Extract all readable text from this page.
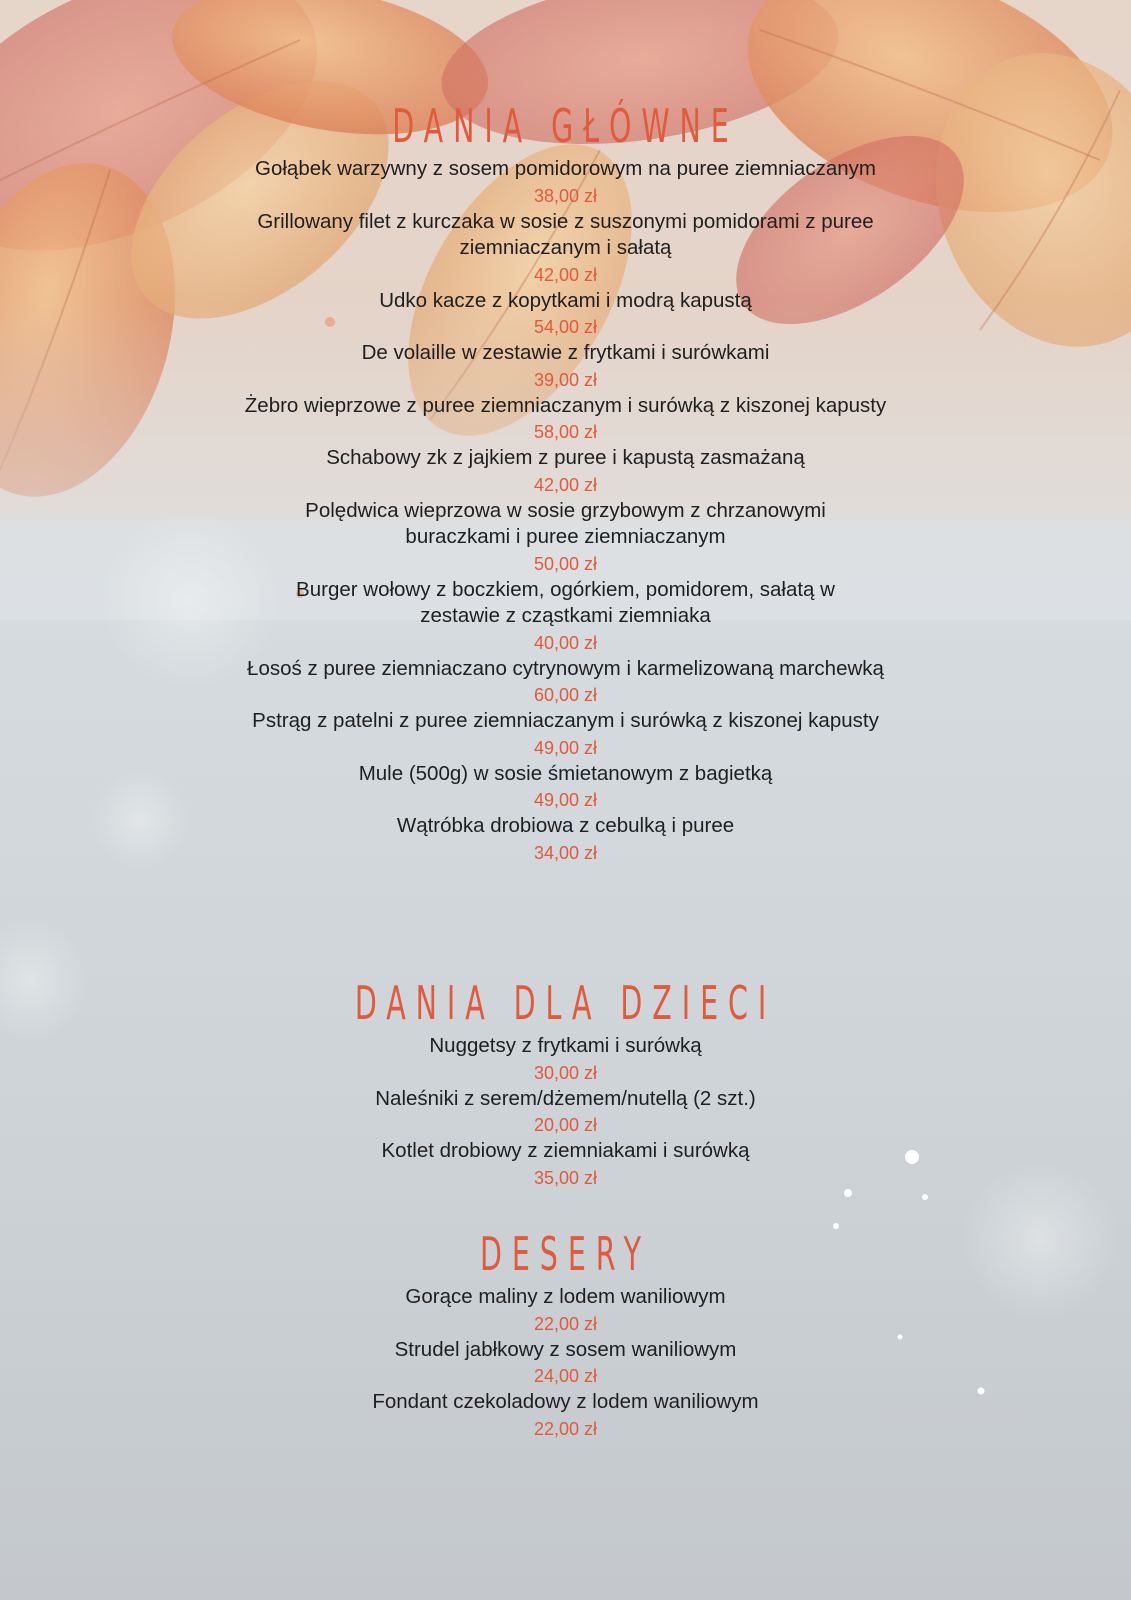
DANIA GŁÓWNE
Gołąbek warzywny z sosem pomidorowym na puree ziemniaczanym
38,00 zł
Grillowany filet z kurczaka w sosie z suszonymi pomidorami z puree ziemniaczanym i sałatą
42,00 zł
Udko kacze z kopytkami i modrą kapustą
54,00 zł
De volaille w zestawie z frytkami i surówkami
39,00 zł
Żebro wieprzowe z puree ziemniaczanym i surówką z kiszonej kapusty
58,00 zł
Schabowy zk z jajkiem z puree i kapustą zasmażaną
42,00 zł
Polędwica wieprzowa w sosie grzybowym z chrzanowymi buraczkami i puree ziemniaczanym
50,00 zł
Burger wołowy z boczkiem, ogórkiem, pomidorem, sałatą w zestawie z cząstkami ziemniaka
40,00 zł
Łosoś z puree ziemniaczano cytrynowym i karmelizowaną marchewką
60,00 zł
Pstrąg z patelni z puree ziemniaczanym i surówką z kiszonej kapusty
49,00 zł
Mule (500g) w sosie śmietanowym z bagietką
49,00 zł
Wątróbka drobiowa z cebulką i puree
34,00 zł
DANIA DLA DZIECI
Nuggetsy z frytkami i surówką
30,00 zł
Naleśniki z serem/dżemem/nutellą (2 szt.)
20,00 zł
Kotlet drobiowy z ziemniakami i surówką
35,00 zł
DESERY
Gorące maliny z lodem waniliowym
22,00 zł
Strudel jabłkowy z sosem waniliowym
24,00 zł
Fondant czekoladowy z lodem waniliowym
22,00 zł
